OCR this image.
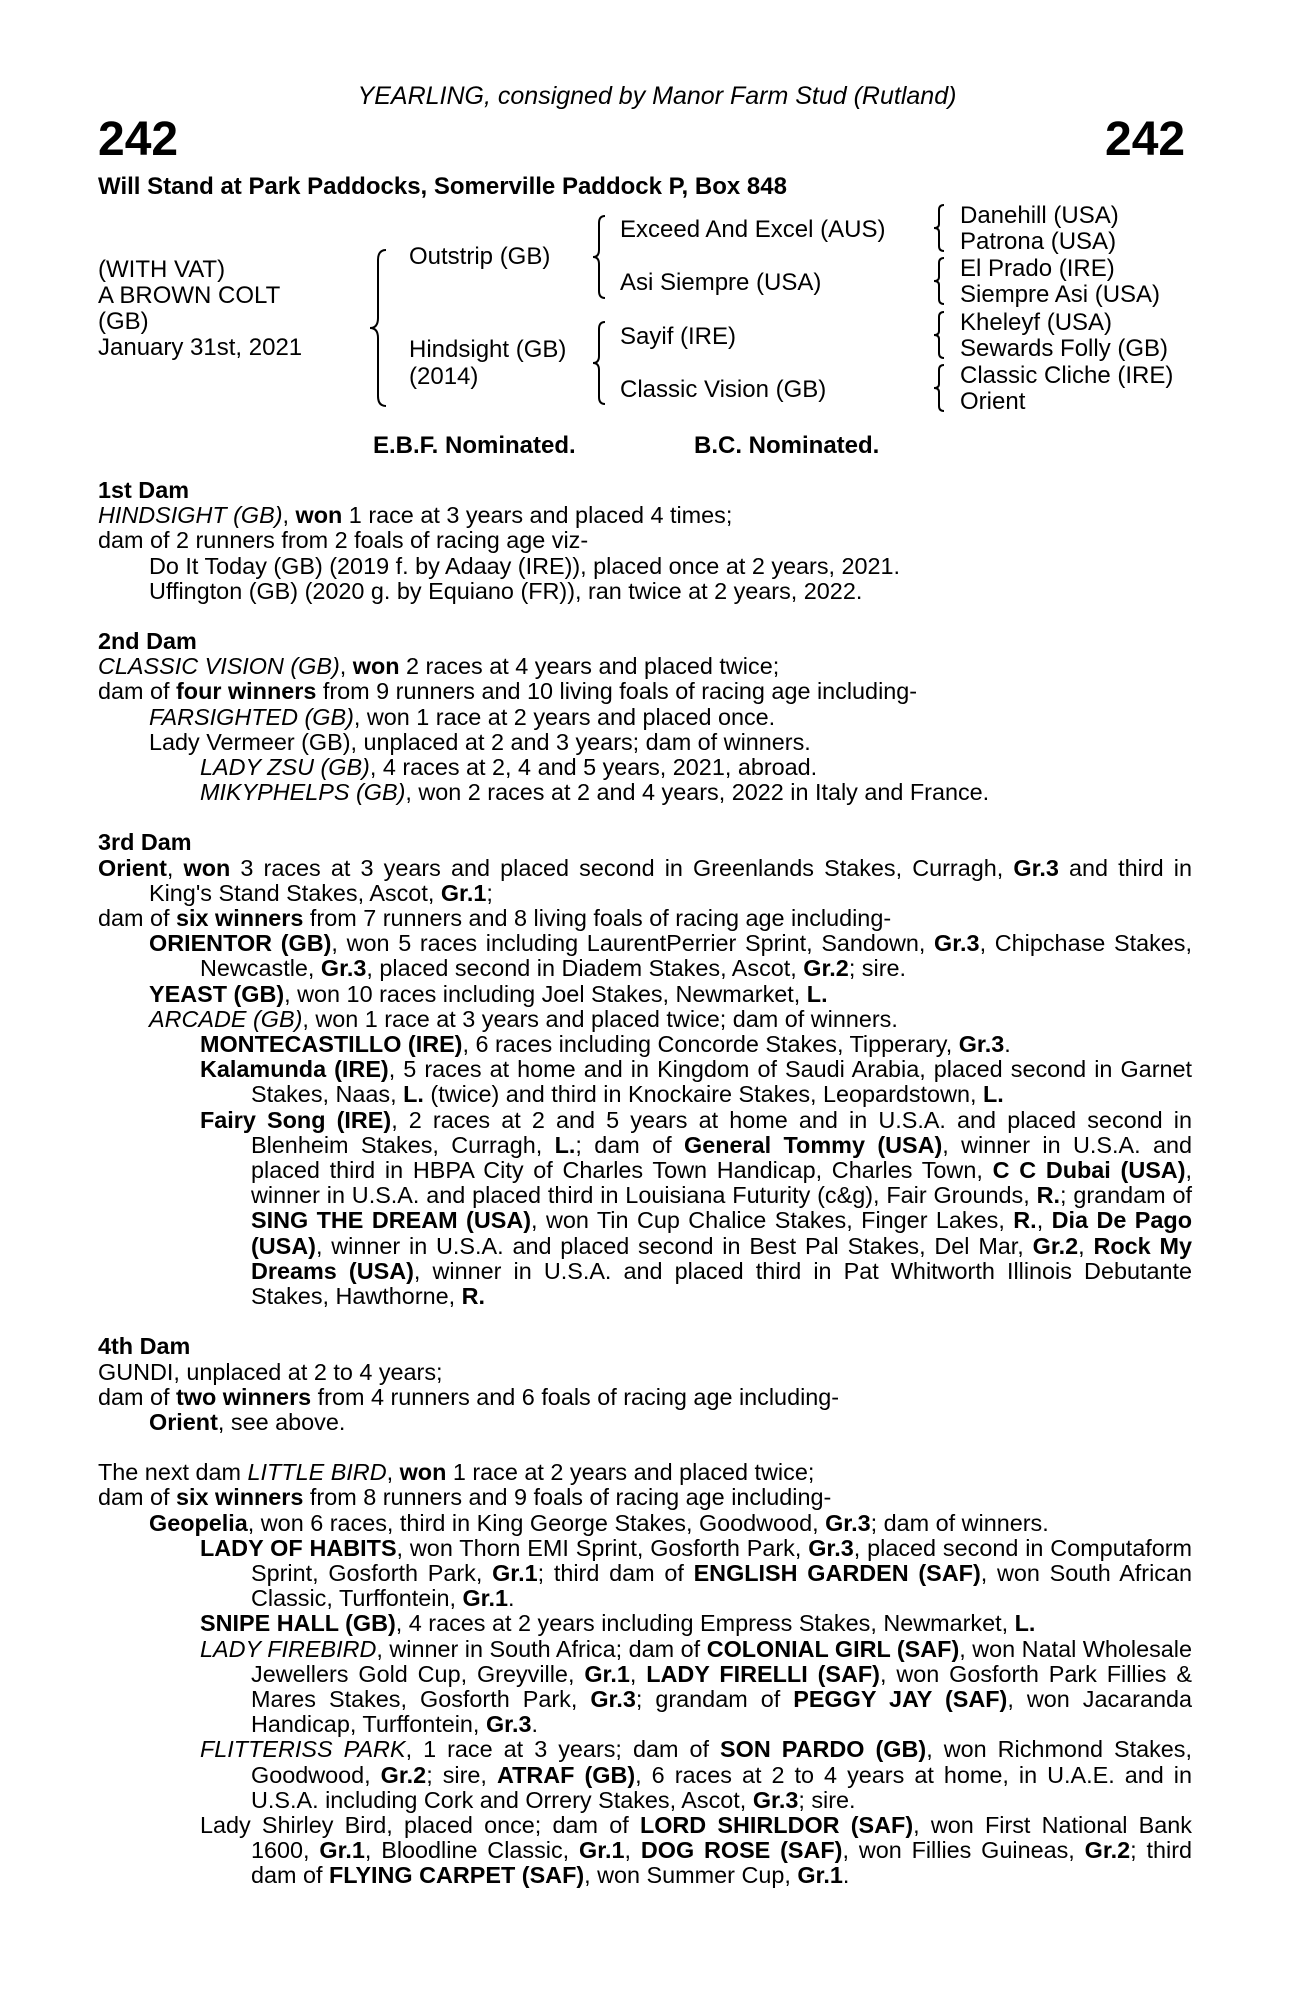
YEARLING, consigned by Manor Farm Stud (Rutland)
242	242
Will Stand at Park Paddocks, Somerville Paddock P, Box 848
(WITH VAT)
A BROWN COLT
(GB)
January 31st, 2021
Outstrip (GB)
Hindsight (GB)
(2014)
Exceed And Excel (AUS)
Asi Siempre (USA)
Sayif (IRE)
Classic Vision (GB)
Danehill (USA)
Patrona (USA)
El Prado (IRE)
Siempre Asi (USA)
Kheleyf (USA)
Sewards Folly (GB)
Classic Cliche (IRE)
Orient
E.B.F. Nominated.	B.C. Nominated.
1st Dam
HINDSIGHT (GB), won 1 race at 3 years and placed 4 times;
dam of 2 runners from 2 foals of racing age viz-
Do It Today (GB) (2019 f. by Adaay (IRE)), placed once at 2 years, 2021.
Uffington (GB) (2020 g. by Equiano (FR)), ran twice at 2 years, 2022.
2nd Dam
CLASSIC VISION (GB), won 2 races at 4 years and placed twice;
dam of four winners from 9 runners and 10 living foals of racing age including-
FARSIGHTED (GB), won 1 race at 2 years and placed once.
Lady Vermeer (GB), unplaced at 2 and 3 years; dam of winners.
LADY ZSU (GB), 4 races at 2, 4 and 5 years, 2021, abroad.
MIKYPHELPS (GB), won 2 races at 2 and 4 years, 2022 in Italy and France.
3rd Dam
Orient, won 3 races at 3 years and placed second in Greenlands Stakes, Curragh, Gr.3 and third in King's Stand Stakes, Ascot, Gr.1;
dam of six winners from 7 runners and 8 living foals of racing age including-
ORIENTOR (GB), won 5 races including LaurentPerrier Sprint, Sandown, Gr.3, Chipchase Stakes, Newcastle, Gr.3, placed second in Diadem Stakes, Ascot, Gr.2; sire.
YEAST (GB), won 10 races including Joel Stakes, Newmarket, L.
ARCADE (GB), won 1 race at 3 years and placed twice; dam of winners.
MONTECASTILLO (IRE), 6 races including Concorde Stakes, Tipperary, Gr.3.
Kalamunda (IRE), 5 races at home and in Kingdom of Saudi Arabia, placed second in Garnet Stakes, Naas, L. (twice) and third in Knockaire Stakes, Leopardstown, L.
Fairy Song (IRE), 2 races at 2 and 5 years at home and in U.S.A. and placed second in Blenheim Stakes, Curragh, L.; dam of General Tommy (USA), winner in U.S.A. and placed third in HBPA City of Charles Town Handicap, Charles Town, C C Dubai (USA), winner in U.S.A. and placed third in Louisiana Futurity (c&g), Fair Grounds, R.; grandam of SING THE DREAM (USA), won Tin Cup Chalice Stakes, Finger Lakes, R., Dia De Pago (USA), winner in U.S.A. and placed second in Best Pal Stakes, Del Mar, Gr.2, Rock My Dreams (USA), winner in U.S.A. and placed third in Pat Whitworth Illinois Debutante Stakes, Hawthorne, R.
4th Dam
GUNDI, unplaced at 2 to 4 years;
dam of two winners from 4 runners and 6 foals of racing age including-
Orient, see above.
The next dam LITTLE BIRD, won 1 race at 2 years and placed twice;
dam of six winners from 8 runners and 9 foals of racing age including-
Geopelia, won 6 races, third in King George Stakes, Goodwood, Gr.3; dam of winners.
LADY OF HABITS, won Thorn EMI Sprint, Gosforth Park, Gr.3, placed second in Computaform Sprint, Gosforth Park, Gr.1; third dam of ENGLISH GARDEN (SAF), won South African Classic, Turffontein, Gr.1.
SNIPE HALL (GB), 4 races at 2 years including Empress Stakes, Newmarket, L.
LADY FIREBIRD, winner in South Africa; dam of COLONIAL GIRL (SAF), won Natal Wholesale Jewellers Gold Cup, Greyville, Gr.1, LADY FIRELLI (SAF), won Gosforth Park Fillies & Mares Stakes, Gosforth Park, Gr.3; grandam of PEGGY JAY (SAF), won Jacaranda Handicap, Turffontein, Gr.3.
FLITTERISS PARK, 1 race at 3 years; dam of SON PARDO (GB), won Richmond Stakes, Goodwood, Gr.2; sire, ATRAF (GB), 6 races at 2 to 4 years at home, in U.A.E. and in U.S.A. including Cork and Orrery Stakes, Ascot, Gr.3; sire.
Lady Shirley Bird, placed once; dam of LORD SHIRLDOR (SAF), won First National Bank 1600, Gr.1, Bloodline Classic, Gr.1, DOG ROSE (SAF), won Fillies Guineas, Gr.2; third dam of FLYING CARPET (SAF), won Summer Cup, Gr.1.
